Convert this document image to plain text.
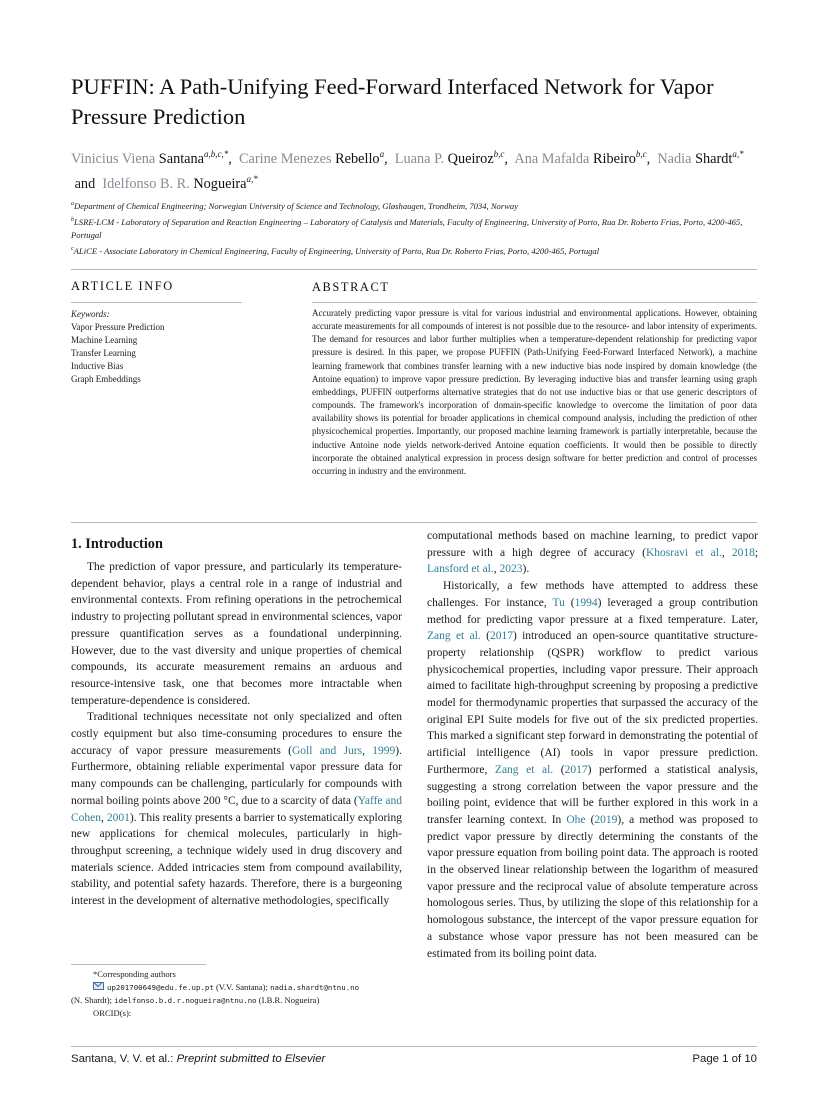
PUFFIN: A Path-Unifying Feed-Forward Interfaced Network for Vapor Pressure Prediction
Vinicius Viena Santana$^{a,b,c,*}$,  Carine Menezes Rebello$^a$,  Luana P. Queiroz$^{b,c}$,  Ana Mafalda Ribeiro$^{b,c}$,  Nadia Shardt$^{a,*}$ and  Idelfonso B. R. Nogueira$^{a,*}$

$^a$Department of Chemical Engineering; Norwegian University of Science and Technology, Gløshaugen, Trondheim, 7034, Norway

$^b$LSRE-LCM - Laboratory of Separation and Reaction Engineering – Laboratory of Catalysis and Materials, Faculty of Engineering, University of Porto, Rua Dr. Roberto Frias, Porto, 4200-465, Portugal

$^c$ALiCE - Associate Laboratory in Chemical Engineering, Faculty of Engineering, University of Porto, Rua Dr. Roberto Frias, Porto, 4200-465, Portugal

ARTICLE INFO	ABSTRACT
Keywords:
Vapor Pressure Prediction
Machine Learning
Transfer Learning
Inductive Bias
Graph Embeddings
Accurately predicting vapor pressure is vital for various industrial and environmental applications. However, obtaining accurate measurements for all compounds of interest is not possible due to the resource- and labor intensity of experiments. The demand for resources and labor further multiplies when a temperature-dependent relationship for predicting vapor pressure is desired. In this paper, we propose PUFFIN (Path-Unifying Feed-Forward Interfaced Network), a machine learning framework that combines transfer learning with a new inductive bias node inspired by domain knowledge (the Antoine equation) to improve vapor pressure prediction. By leveraging inductive bias and transfer learning using graph embeddings, PUFFIN outperforms alternative strategies that do not use inductive bias or that use generic descriptors of compounds. The framework's incorporation of domain-specific knowledge to overcome the limitation of poor data availability shows its potential for broader applications in chemical compound analysis, including the prediction of other physicochemical properties. Importantly, our proposed machine learning framework is partially interpretable, because the inductive Antoine node yields network-derived Antoine equation coefficients. It would then be possible to directly incorporate the obtained analytical expression in process design software for better prediction and control of processes occurring in industry and the environment.
1. Introduction

The prediction of vapor pressure, and particularly its temperature-dependent behavior, plays a central role in a range of industrial and environmental contexts. From refining operations in the petrochemical industry to projecting pollutant spread in environmental sciences, vapor pressure quantification serves as a foundational underpinning. However, due to the vast diversity and unique properties of chemical compounds, its accurate measurement remains an arduous and resource-intensive task, one that becomes more intractable when temperature-dependence is considered.

Traditional techniques necessitate not only specialized and often costly equipment but also time-consuming procedures to ensure the accuracy of vapor pressure measurements (Goll and Jurs, 1999). Furthermore, obtaining reliable experimental vapor pressure data for many compounds can be challenging, particularly for compounds with normal boiling points above 200 °C, due to a scarcity of data (Yaffe and Cohen, 2001). This reality presents a barrier to systematically exploring new applications for chemical molecules, particularly in high-throughput screening, a technique widely used in drug discovery and materials science. Added intricacies stem from compound availability, stability, and potential safety hazards. Therefore, there is a burgeoning interest in the development of alternative methodologies, specifically

computational methods based on machine learning, to predict vapor pressure with a high degree of accuracy (Khosravi et al., 2018; Lansford et al., 2023).

Historically, a few methods have attempted to address these challenges. For instance, Tu (1994) leveraged a group contribution method for predicting vapor pressure at a fixed temperature. Later, Zang et al. (2017) introduced an open-source quantitative structure-property relationship (QSPR) workflow to predict various physicochemical properties, including vapor pressure. Their approach aimed to facilitate high-throughput screening by proposing a predictive model for thermodynamic properties that surpassed the accuracy of the original EPI Suite models for five out of the six predicted properties. This marked a significant step forward in demonstrating the potential of artificial intelligence (AI) tools in vapor pressure prediction. Furthermore, Zang et al. (2017) performed a statistical analysis, suggesting a strong correlation between the vapor pressure and the boiling point, evidence that will be further explored in this work in a transfer learning context. In Ohe (2019), a method was proposed to predict vapor pressure by directly determining the constants of the vapor pressure equation from boiling point data. The approach is rooted in the observed linear relationship between the logarithm of measured vapor pressure and the reciprocal value of absolute temperature across homologous series. Thus, by utilizing the slope of this relationship for a homologous substance, the intercept of the vapor pressure equation for a substance whose vapor pressure has not been measured can be estimated from its boiling point data.

*Corresponding authors
up201700649@edu.fe.up.pt (V.V. Santana); nadia.shardt@ntnu.no
(N. Shardt); idelfonso.b.d.r.nogueira@ntnu.no (I.B.R. Nogueira)
ORCID(s):
Santana, V. V. et al.: Preprint submitted to Elsevier	Page 1 of 10
